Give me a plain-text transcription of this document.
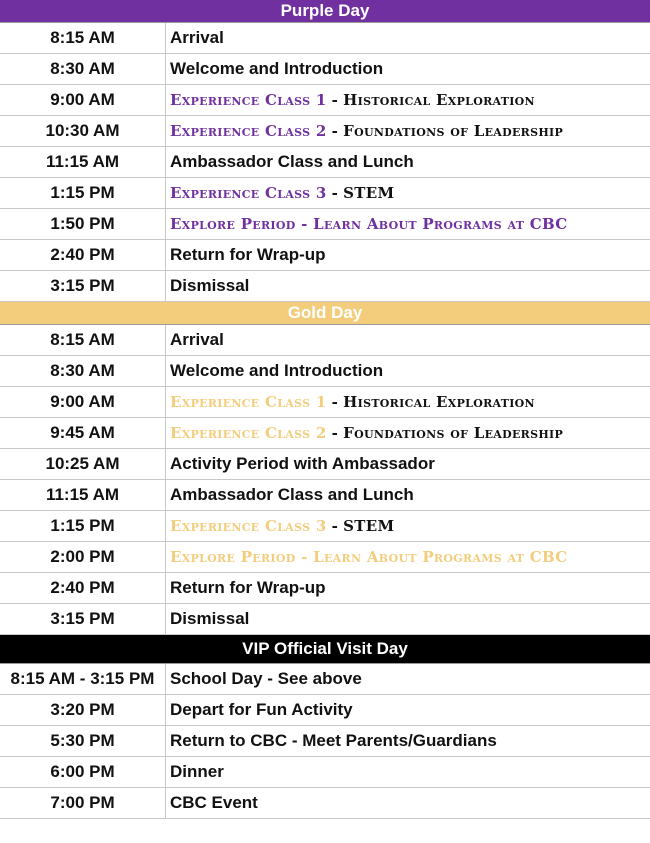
Purple Day
8:15 AM	Arrival
8:30 AM	Welcome and Introduction
9:00 AM	Experience Class 1 - Historical Exploration
10:30 AM	Experience Class 2 - Foundations of Leadership
11:15 AM	Ambassador Class and Lunch
1:15 PM	Experience Class 3 - STEM
1:50 PM	Explore Period - Learn About Programs at CBC
2:40 PM	Return for Wrap-up
3:15 PM	Dismissal
Gold Day
8:15 AM	Arrival
8:30 AM	Welcome and Introduction
9:00 AM	Experience Class 1 - Historical Exploration
9:45 AM	Experience Class 2 - Foundations of Leadership
10:25 AM	Activity Period with Ambassador
11:15 AM	Ambassador Class and Lunch
1:15 PM	Experience Class 3 - STEM
2:00 PM	Explore Period - Learn About Programs at CBC
2:40 PM	Return for Wrap-up
3:15 PM	Dismissal
VIP Official Visit Day
8:15 AM - 3:15 PM School Day - See above
3:20 PM	Depart for Fun Activity
5:30 PM	Return to CBC - Meet Parents/Guardians
6:00 PM	Dinner
7:00 PM	CBC Event
